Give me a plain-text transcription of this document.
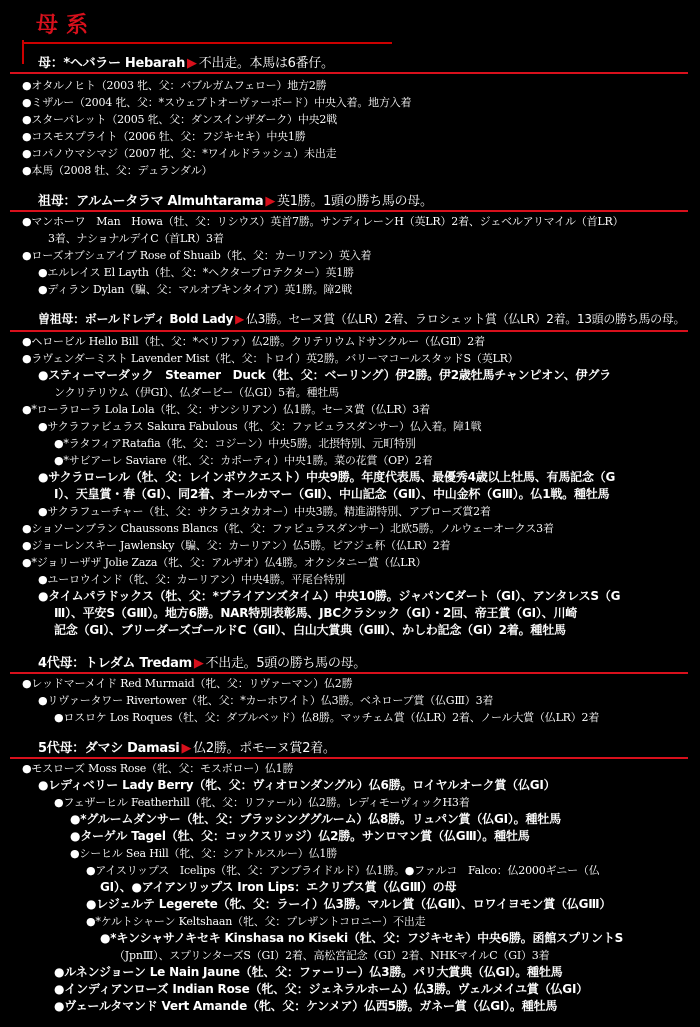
母系
母：*ヘバラー Hebarah ▶ 不出走。本馬は6番仔。
●オタルノヒト（2003 牝、父：バブルガムフェロー）地方2勝
●ミザルー（2004 牝、父：*スウェプトオーヴァーボード）中央入着。地方入着
●スターパレット（2005 牝、父：ダンスインザダーク）中央2戦
●コスモスプライト（2006 牡、父：フジキセキ）中央1勝
●コパノウマシマジ（2007 牝、父：*ワイルドラッシュ）未出走
●本馬（2008 牡、父：デュランダル）
祖母：アルムータラマ Almuhtarama ▶ 英1勝。1頭の勝ち馬の母。
●マンホーワ　Man　Howa（牡、父：リシウス）英首7勝。サンディレーンH（英LR）2着、ジェベルアリマイル（首LR）
3着、ナショナルデイC（首LR）3着
●ローズオブシュアイブ Rose of Shuaib（牝、父：カーリアン）英入着
●エルレイス El Layth（牡、父：*ヘクタープロテクター）英1勝
●ディラン Dylan（騙、父：マルオブキンタイア）英1勝。障2戦
曽祖母：ボールドレディ Bold Lady ▶ 仏3勝。セーヌ賞（仏LR）2着、ラロシェット賞（仏LR）2着。13頭の勝ち馬の母。
●ヘロービル Hello Bill（牡、父：*ベリファ）仏2勝。クリテリウムドサンクルー（仏GⅡ）2着
●ラヴェンダーミスト Lavender Mist（牝、父：トロイ）英2勝。バリーマコールスタッドS（英LR）
●スティーマーダック　Steamer　Duck（牡、父：ベーリング）伊2勝。伊2歳牡馬チャンピオン、伊グラ
ンクリテリウム（伊GⅠ）、仏ダービー（仏GⅠ）5着。種牡馬
●*ローラローラ Lola Lola（牝、父：サンシリアン）仏1勝。セーヌ賞（仏LR）3着
●サクラファビュラス Sakura Fabulous（牝、父：ファビュラスダンサー）仏入着。障1戦
●*ラタフィアRatafia（牝、父：コジーン）中央5勝。北摂特別、元町特別
●*サビアーレ Saviare（牝、父：カポーティ）中央1勝。菜の花賞（OP）2着
●サクラローレル（牡、父：レインボウクエスト）中央9勝。年度代表馬、最優秀4歳以上牡馬、有馬記念（G
Ⅰ）、天皇賞・春（GⅠ）、同2着、オールカマー（GⅡ）、中山記念（GⅡ）、中山金杯（GⅢ）。仏1戦。種牡馬
●サクラフューチャー（牡、父：サクラユタカオー）中央3勝。精進湖特別、アブローズ賞2着
●ショソーンブラン Chaussons Blancs（牝、父：ファビュラスダンサー）北欧5勝。ノルウェーオークス3着
●ジョーレンスキー Jawlensky（騙、父：カーリアン）仏5勝。ピアジェ杯（仏LR）2着
●*ジョリーザザ Jolie Zaza（牝、父：アルザオ）仏4勝。オクシタニー賞（仏LR）
●ユーロウインド（牝、父：カーリアン）中央4勝。平尾台特別
●タイムパラドックス（牡、父：*ブライアンズタイム）中央10勝。ジャパンCダート（GⅠ）、アンタレスS（G
Ⅲ）、平安S（GⅢ）。地方6勝。NAR特別表彰馬、JBCクラシック（GⅠ）・2回、帝王賞（GⅠ）、川崎
記念（GⅠ）、ブリーダーズゴールドC（GⅡ）、白山大賞典（GⅢ）、かしわ記念（GⅠ）2着。種牡馬
4代母：トレダム Tredam ▶ 不出走。5頭の勝ち馬の母。
●レッドマーメイド Red Murmaid（牝、父：リヴァーマン）仏2勝
●リヴァータワー Rivertower（牝、父：*カーホワイト）仏3勝。ベネロープ賞（仏GⅢ）3着
●ロスロケ Los Roques（牡、父：ダブルベッド）仏8勝。マッチェム賞（仏LR）2着、ノール大賞（仏LR）2着
5代母：ダマシ Damasi ▶ 仏2勝。ポモーヌ賞2着。
●モスローズ Moss Rose（牝、父：モスボロー）仏1勝
●レディベリー Lady Berry（牝、父：ヴィオロンダングル）仏6勝。ロイヤルオーク賞（仏GⅠ）
●フェザーヒル Featherhill（牝、父：リファール）仏2勝。レディモーヴィックH3着
●*グルームダンサー（牡、父：ブラッシンググルーム）仏8勝。リュパン賞（仏GⅠ）。種牡馬
●ターゲル Tagel（牡、父：コックスリッジ）仏2勝。サンロマン賞（仏GⅢ）。種牡馬
●シーヒル Sea Hill（牝、父：シアトルスルー）仏1勝
●アイスリップス　Icelips（牝、父：アンブライドルド）仏1勝。●ファルコ　Falco：仏2000ギニー（仏
GⅠ）、●アイアンリップス Iron Lips：エクリプス賞（仏GⅢ）の母
●レジェルテ Legerete（牝、父：ラーイ）仏3勝。マルレ賞（仏GⅡ）、ロワイヨモン賞（仏GⅢ）
●*ケルトシャーン Keltshaan（牝、父：プレザントコロニー）不出走
●*キンシャサノキセキ Kinshasa no Kiseki（牡、父：フジキセキ）中央6勝。函館スプリントS
（JpnⅢ）、スプリンターズS（GⅠ）2着、高松宮記念（GⅠ）2着、NHKマイルC（GⅠ）3着
●ルネンジョーン Le Nain Jaune（牡、父：ファーリー）仏3勝。パリ大賞典（仏GⅠ）。種牡馬
●インディアンローズ Indian Rose（牝、父：ジェネラルホーム）仏3勝。ヴェルメイユ賞（仏GⅠ）
●ヴェールタマンド Vert Amande（牝、父：ケンメア）仏西5勝。ガネー賞（仏GⅠ）。種牡馬
